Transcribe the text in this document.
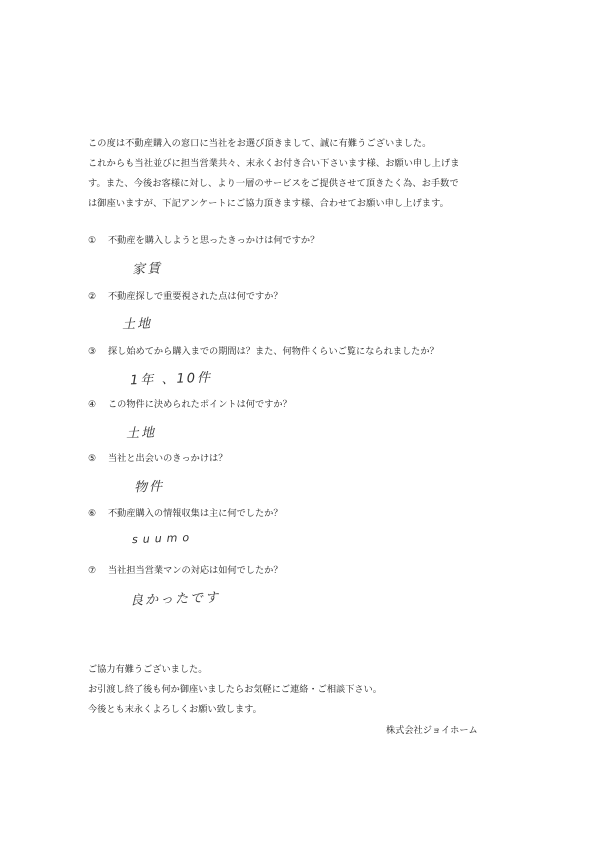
この度は不動産購入の窓口に当社をお選び頂きまして、誠に有難うございました。
これからも当社並びに担当営業共々、末永くお付き合い下さいます様、お願い申し上げま
す。また、今後お客様に対し、より一層のサービスをご提供させて頂きたく為、お手数で
は御座いますが、下記アンケートにご協力頂きます様、合わせてお願い申し上げます。
① 不動産を購入しようと思ったきっかけは何ですか？
家賃
② 不動産探しで重要視された点は何ですか？
土地
③ 探し始めてから購入までの期間は？また、何物件くらいご覧になられましたか？
1年 、10件
④ この物件に決められたポイントは何ですか？
土地
⑤ 当社と出会いのきっかけは？
物件
⑥ 不動産購入の情報収集は主に何でしたか？
suumo
⑦ 当社担当営業マンの対応は如何でしたか？
良かったです
ご協力有難うございました。
お引渡し終了後も何か御座いましたらお気軽にご連絡・ご相談下さい。
今後とも末永くよろしくお願い致します。
株式会社ジョイホーム
